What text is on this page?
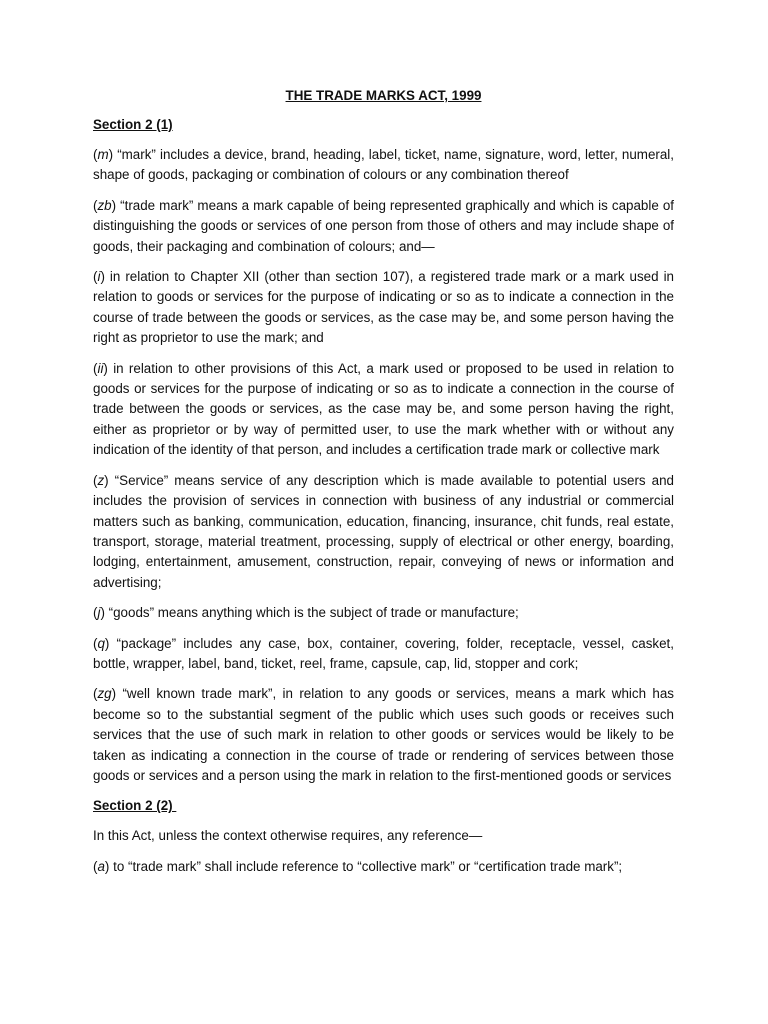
THE TRADE MARKS ACT, 1999
Section 2 (1)

(m) “mark” includes a device, brand, heading, label, ticket, name, signature, word, letter, numeral, shape of goods, packaging or combination of colours or any combination thereof

(zb) “trade mark” means a mark capable of being represented graphically and which is capable of distinguishing the goods or services of one person from those of others and may include shape of goods, their packaging and combination of colours; and—

(i) in relation to Chapter XII (other than section 107), a registered trade mark or a mark used in relation to goods or services for the purpose of indicating or so as to indicate a connection in the course of trade between the goods or services, as the case may be, and some person having the right as proprietor to use the mark; and

(ii) in relation to other provisions of this Act, a mark used or proposed to be used in relation to goods or services for the purpose of indicating or so as to indicate a connection in the course of trade between the goods or services, as the case may be, and some person having the right, either as proprietor or by way of permitted user, to use the mark whether with or without any indication of the identity of that person, and includes a certification trade mark or collective mark

(z) “Service” means service of any description which is made available to potential users and includes the provision of services in connection with business of any industrial or commercial matters such as banking, communication, education, financing, insurance, chit funds, real estate, transport, storage, material treatment, processing, supply of electrical or other energy, boarding, lodging, entertainment, amusement, construction, repair, conveying of news or information and advertising;

(j) “goods” means anything which is the subject of trade or manufacture;

(q) “package” includes any case, box, container, covering, folder, receptacle, vessel, casket, bottle, wrapper, label, band, ticket, reel, frame, capsule, cap, lid, stopper and cork;

(zg) “well known trade mark”, in relation to any goods or services, means a mark which has become so to the substantial segment of the public which uses such goods or receives such services that the use of such mark in relation to other goods or services would be likely to be taken as indicating a connection in the course of trade or rendering of services between those goods or services and a person using the mark in relation to the first-mentioned goods or services

Section 2 (2)

In this Act, unless the context otherwise requires, any reference—

(a) to “trade mark” shall include reference to “collective mark” or “certification trade mark”;
